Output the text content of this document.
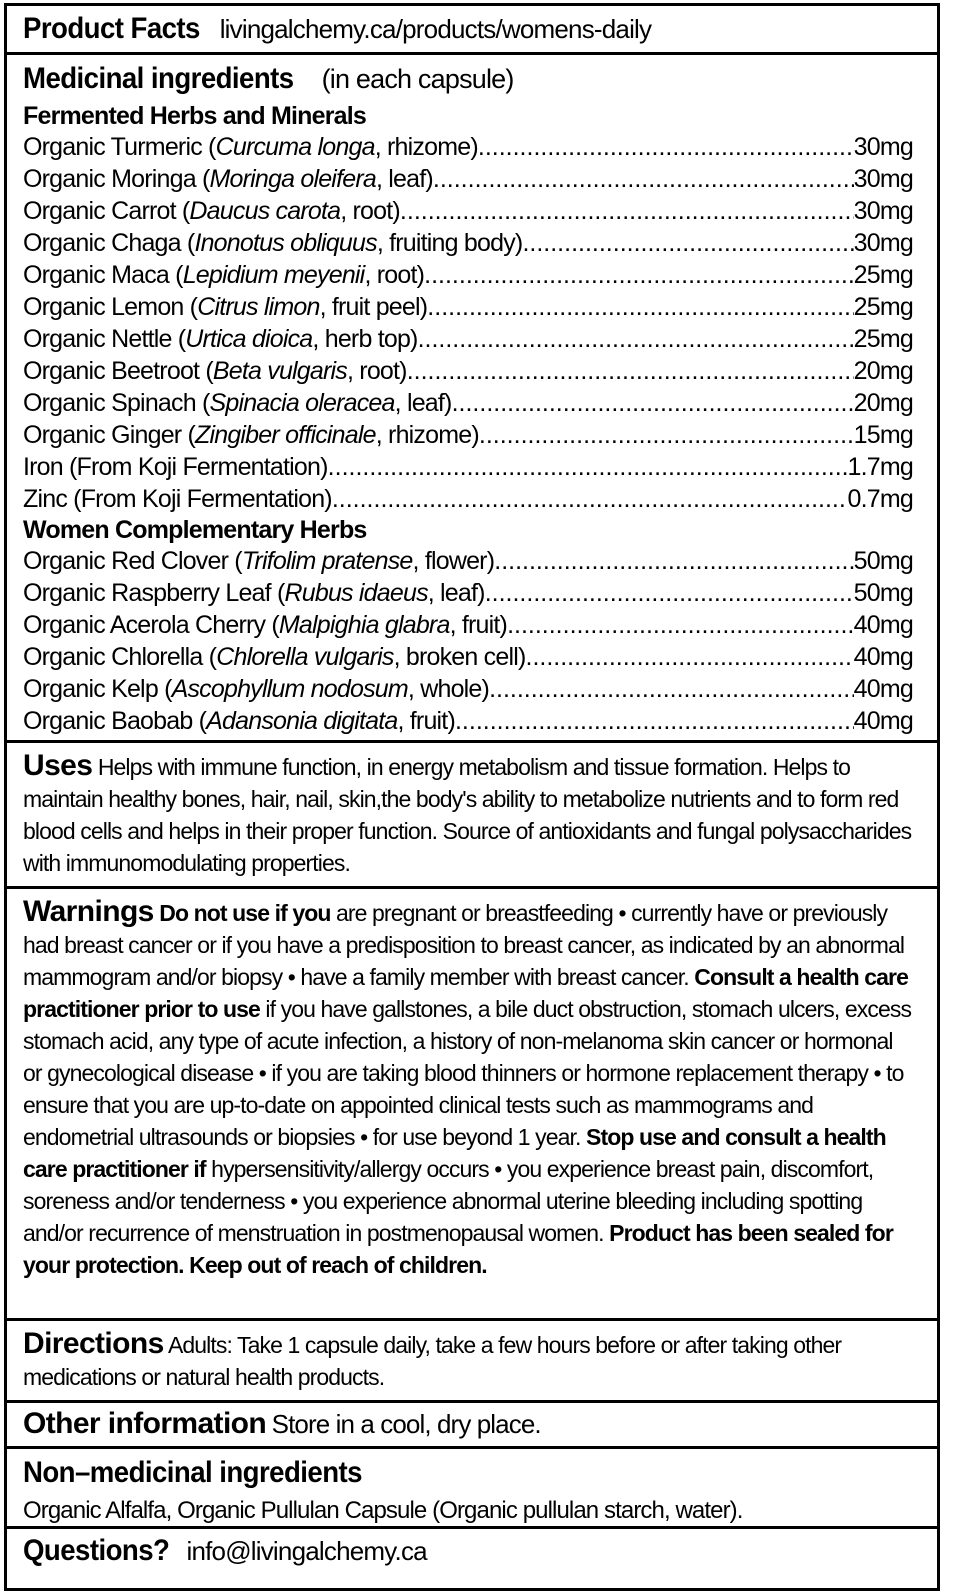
Product Facts livingalchemy.ca/products/womens-daily
Medicinal ingredients (in each capsule)
Fermented Herbs and Minerals
Organic Turmeric (Curcuma longa, rhizome) .....	30mg
Organic Moringa (Moringa oleifera, leaf) .....	30mg
Organic Carrot (Daucus carota, root) .....	30mg
Organic Chaga (Inonotus obliquus, fruiting body) .....	30mg
Organic Maca (Lepidium meyenii, root) .....	25mg
Organic Lemon (Citrus limon, fruit peel) .....	25mg
Organic Nettle (Urtica dioica, herb top) .....	25mg
Organic Beetroot (Beta vulgaris, root) .....	20mg
Organic Spinach (Spinacia oleracea, leaf) .....	20mg
Organic Ginger (Zingiber officinale, rhizome) .....	15mg
Iron (From Koji Fermentation) .....	1.7mg
Zinc (From Koji Fermentation) .....	0.7mg
Women Complementary Herbs
Organic Red Clover (Trifolim pratense, flower) .....	50mg
Organic Raspberry Leaf (Rubus idaeus, leaf) .....	50mg
Organic Acerola Cherry (Malpighia glabra, fruit) .....	40mg
Organic Chlorella (Chlorella vulgaris, broken cell) .....	40mg
Organic Kelp (Ascophyllum nodosum, whole) .....	40mg
Organic Baobab (Adansonia digitata, fruit) .....	40mg
Uses Helps with immune function, in energy metabolism and tissue formation. Helps to maintain healthy bones, hair, nail, skin,the body's ability to metabolize nutrients and to form red blood cells and helps in their proper function. Source of antioxidants and fungal polysaccharides with immunomodulating properties.
Warnings Do not use if you are pregnant or breastfeeding • currently have or previously had breast cancer or if you have a predisposition to breast cancer, as indicated by an abnormal mammogram and/or biopsy • have a family member with breast cancer. Consult a health care practitioner prior to use if you have gallstones, a bile duct obstruction, stomach ulcers, excess stomach acid, any type of acute infection, a history of non-melanoma skin cancer or hormonal or gynecological disease • if you are taking blood thinners or hormone replacement therapy • to ensure that you are up-to-date on appointed clinical tests such as mammograms and endometrial ultrasounds or biopsies • for use beyond 1 year. Stop use and consult a health care practitioner if hypersensitivity/allergy occurs • you experience breast pain, discomfort, soreness and/or tenderness • you experience abnormal uterine bleeding including spotting and/or recurrence of menstruation in postmenopausal women. Product has been sealed for your protection. Keep out of reach of children.
Directions Adults: Take 1 capsule daily, take a few hours before or after taking other medications or natural health products.
Other information Store in a cool, dry place.
Non–medicinal ingredients
Organic Alfalfa, Organic Pullulan Capsule (Organic pullulan starch, water).
Questions? info@livingalchemy.ca
